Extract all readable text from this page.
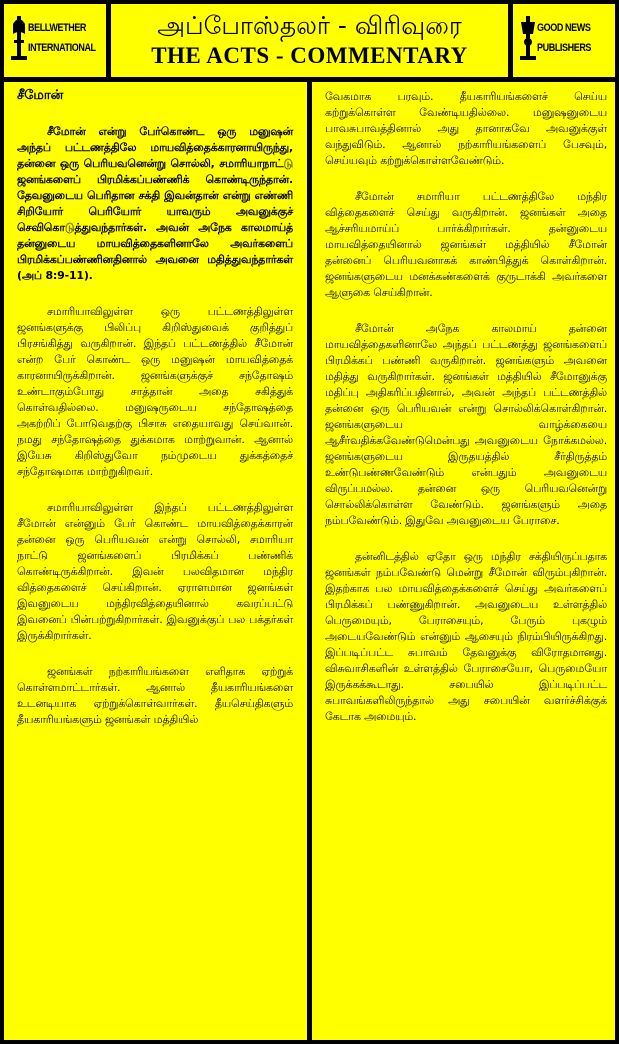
BELLWETHER
INTERNATIONAL
அப்போஸ்தலர் - விரிவுரை
THE ACTS - COMMENTARY
GOOD NEWS
PUBLISHERS
சீமோன்

சீமோன் என்று பேர்கொண்ட ஒரு மனுஷன் அந்தப் பட்டணத்திலே மாயவித்தைக்காரனாயிருந்து, தன்னை ஒரு பெரியவனென்று சொல்லி, சமாரியாநாட்டு ஜனங்களைப் பிரமிக்கப்பண்ணிக் கொண்டிருந்தான். தேவனுடைய பெரிதான சக்தி இவன்தான் என்று எண்ணி சிறியோர் பெரியோர் யாவரும் அவனுக்குச் செவிகொடுத்துவந்தார்கள். அவன் அநேக காலமாய்த் தன்னுடைய மாயவித்தைகளினாலே அவர்களைப் பிரமிக்கப்பண்ணினதினால் அவனை மதித்துவந்தார்கள் (அப் 8:9-11).

சமாரியாவிலுள்ள ஒரு பட்டணத்திலுள்ள ஜனங்களுக்கு பிலிப்பு கிறிஸ்துவைக் குறித்துப் பிரசங்கித்து வருகிறான். இந்தப் பட்டணத்தில் சீமோன் என்ற பேர் கொண்ட ஒரு மனுஷன் மாயவித்தைக் காரனாயிருக்கிறான். ஜனங்களுக்குச் சந்தோஷம் உண்டாகும்போது சாத்தான் அதை சகித்துக் கொள்வதில்லை. மனுஷருடைய சந்தோஷத்தை அகற்றிப் போடுவதற்கு பிசாசு எதையாவது செய்வான். நமது சந்தோஷத்தை துக்கமாக மாற்றுவான். ஆனால் இயேசு கிறிஸ்துவோ நம்முடைய துக்கத்தைச் சந்தோஷமாக மாற்றுகிறவர்.

சமாரியாவிலுள்ள இந்தப் பட்டணத்திலுள்ள சீமோன் என்னும் பேர் கொண்ட மாயவித்தைக்காரன் தன்னை ஒரு பெரியவன் என்று சொல்லி, சமாரியா நாட்டு ஜனங்களைப் பிரமிக்கப் பண்ணிக் கொண்டிருக்கிறான். இவன் பலவிதமான மந்திர வித்தைகளைச் செய்கிறான். ஏராளமான ஜனங்கள் இவனுடைய மந்திரவித்தையினால் கவரப்பட்டு இவனைப் பின்பற்றுகிறார்கள். இவனுக்குப் பல பக்தர்கள் இருக்கிறார்கள்.

ஜனங்கள் நற்காரியங்களை எளிதாக ஏற்றுக் கொள்ளமாட்டார்கள். ஆனால் தீயகாரியங்களை உடனடியாக ஏற்றுக்கொள்வார்கள். தீயசெய்திகளும் தீயகாரியங்களும் ஜனங்கள் மத்தியில்

வேகமாக பரவும். தீயகாரியங்களைச் செய்ய கற்றுக்கொள்ள வேண்டியதில்லை. மனுஷனுடைய பாவசுபாவத்தினால் அது தானாகவே அவனுக்குள் வந்துவிடும். ஆனால் நற்காரியங்களைப் பேசவும், செய்யவும் கற்றுக்கொள்ளவேண்டும்.

சீமோன் சமாரியா பட்டணத்திலே மந்திர வித்தைகளைச் செய்து வருகிறான். ஜனங்கள் அதை ஆச்சரியமாய்ப் பார்க்கிறார்கள். தன்னுடைய மாயவித்தையினால் ஜனங்கள் மத்தியில் சீமோன் தன்னைப் பெரியவனாகக் காண்பித்துக் கொள்கிறான். ஜனங்களுடைய மனக்கண்களைக் குருடாக்கி அவர்களை ஆளுகை செய்கிறான்.

சீமோன் அநேக காலமாய் தன்னை மாயவித்தைகளினாலே அந்தப் பட்டணத்து ஜனங்களைப் பிரமிக்கப் பண்ணி வருகிறான். ஜனங்களும் அவனை மதித்து வருகிறார்கள். ஜனங்கள் மத்தியில் சீமோனுக்கு மதிப்பு அதிகரிப்பதினால், அவன் அந்தப் பட்டணத்தில் தன்னை ஒரு பெரியவன் என்று சொல்லிக்கொள்கிறான். ஜனங்களுடைய வாழ்க்கையை ஆசீர்வதிக்கவேண்டுமென்பது அவனுடைய நோக்கமல்ல. ஜனங்களுடைய இருதயத்தில் சீர்திருத்தம் உண்டுபண்ணவேண்டும் என்பதும் அவனுடைய விருப்பமல்ல. தன்னை ஒரு பெரியவனென்று சொல்லிக்கொள்ள வேண்டும். ஜனங்களும் அதை நம்பவேண்டும். இதுவே அவனுடைய பேராசை.

தன்னிடத்தில் ஏதோ ஒரு மந்திர சக்தியிருப்பதாக ஜனங்கள் நம்பவேண்டு மென்று சீமோன் விரும்புகிறான். இதற்காக பல மாயவித்தைக்களைச் செய்து அவர்களைப் பிரமிக்கப் பண்ணுகிறான். அவனுடைய உள்ளத்தில் பெருமையும், பேராசையும், பேரும் புகழும் அடையவேண்டும் என்னும் ஆசையும் நிரம்பியிருக்கிறது. இப்படிப்பட்ட சுபாவம் தேவனுக்கு விரோதமானது. விசுவாசிகளின் உள்ளத்தில் பேராசையோ, பெருமையோ இருக்கக்கூடாது. சபையில் இப்படிப்பட்ட சுபாவங்களிலிருந்தால் அது சபையின் வளர்ச்சிக்குக் கேடாக அமையும்.
